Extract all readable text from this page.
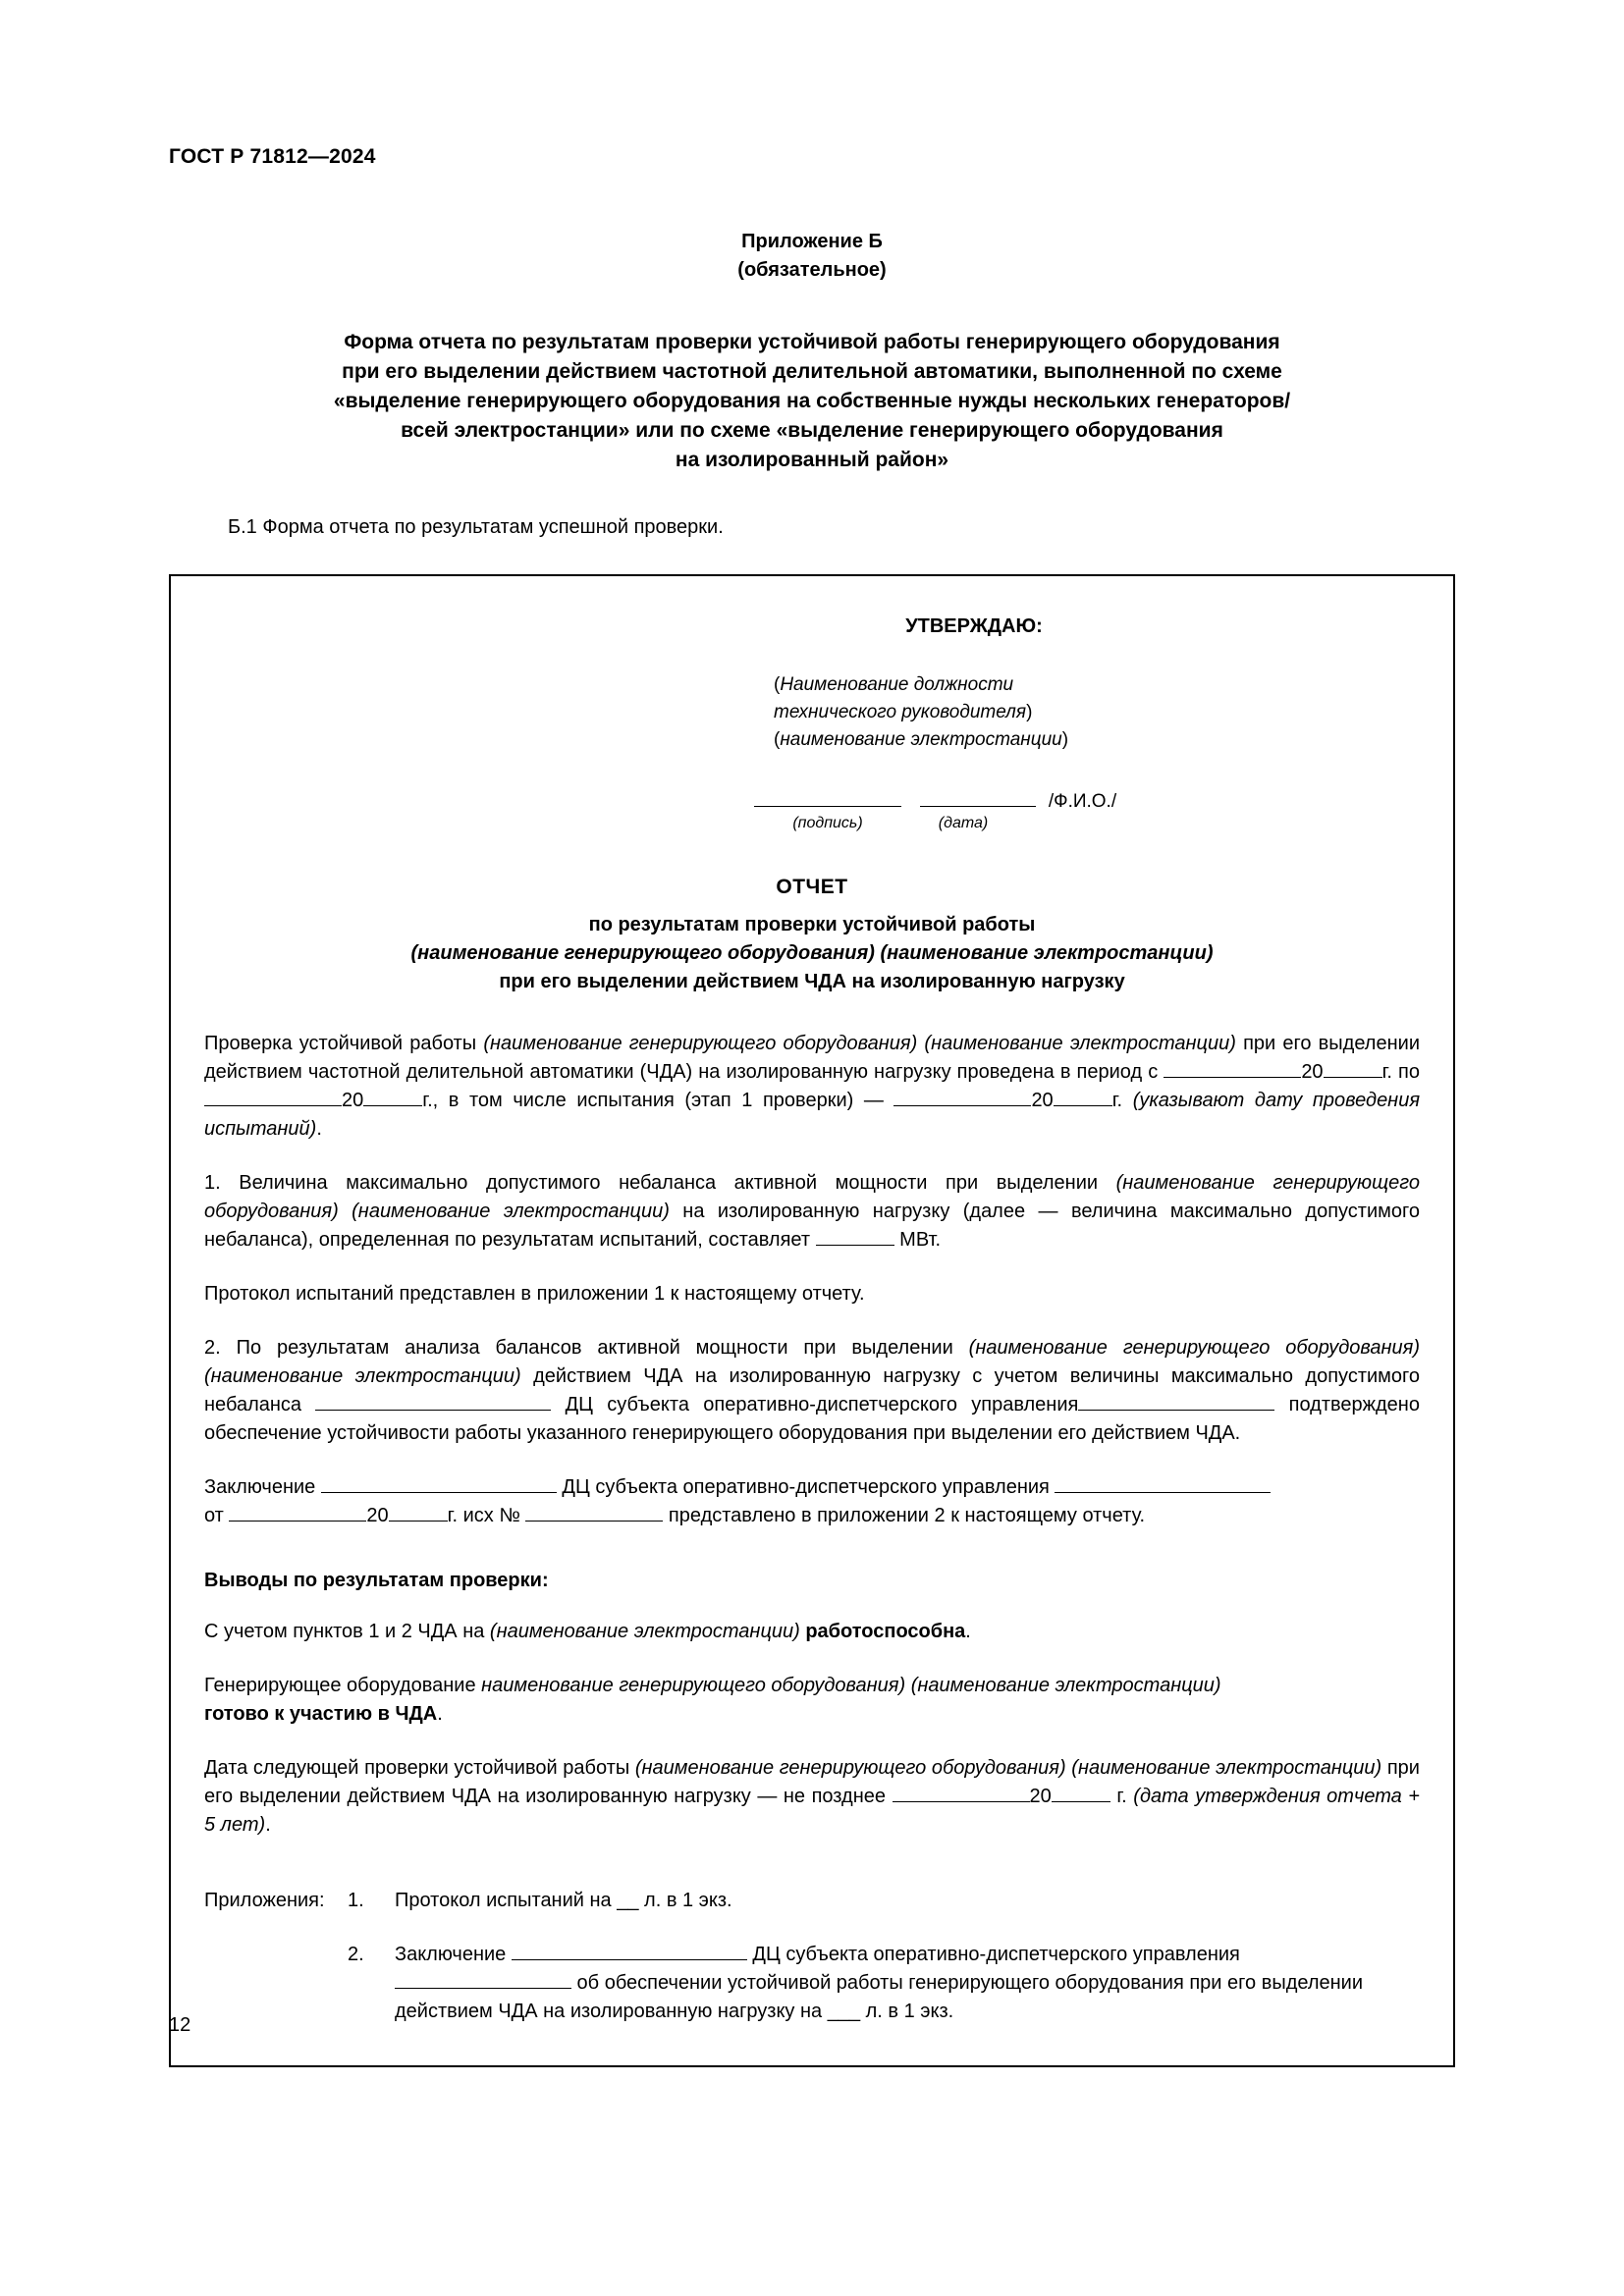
ГОСТ Р 71812—2024
Приложение Б
(обязательное)
Форма отчета по результатам проверки устойчивой работы генерирующего оборудования
при его выделении действием частотной делительной автоматики, выполненной по схеме
«выделение генерирующего оборудования на собственные нужды нескольких генераторов/
всей электростанции» или по схеме «выделение генерирующего оборудования
на изолированный район»
Б.1 Форма отчета по результатам успешной проверки.
УТВЕРЖДАЮ:
(Наименование должности
технического руководителя)
(наименование электростанции)
/Ф.И.О./
(подпись)	(дата)
ОТЧЕТ
по результатам проверки устойчивой работы
(наименование генерирующего оборудования) (наименование электростанции)
при его выделении действием ЧДА на изолированную нагрузку

Проверка устойчивой работы (наименование генерирующего оборудования) (наименование электростанции) при его выделении действием частотной делительной автоматики (ЧДА) на изолированную нагрузку проведена в период с	20	г. по 20	г., в том числе испытания (этап 1 проверки) —	20	г. (указывают дату проведения испытаний).

1. Величина максимально допустимого небаланса активной мощности при выделении (наименование генерирующего оборудования) (наименование электростанции) на изолированную нагрузку (далее — величина максимально допустимого небаланса), определенная по результатам испытаний, составляет	МВт.

Протокол испытаний представлен в приложении 1 к настоящему отчету.

2. По результатам анализа балансов активной мощности при выделении (наименование генерирующего оборудования) (наименование электростанции) действием ЧДА на изолированную нагрузку с учетом величины максимально допустимого небаланса	ДЦ субъекта оперативно-диспетчерского управления	подтверждено обеспечение устойчивости работы указанного генерирующего оборудования при выделении его действием ЧДА.

Заключение	ДЦ субъекта оперативно-диспетчерского управления
от	20	г. исх №	представлено в приложении 2 к настоящему отчету.

Выводы по результатам проверки:

С учетом пунктов 1 и 2 ЧДА на (наименование электростанции) работоспособна.

Генерирующее оборудование наименование генерирующего оборудования) (наименование электростанции)
готово к участию в ЧДА.

Дата следующей проверки устойчивой работы (наименование генерирующего оборудования) (наименование электростанции) при его выделении действием ЧДА на изолированную нагрузку — не позднее	20	г. (дата утверждения отчета + 5 лет).

Приложения:	1.	Протокол испытаний на __ л. в 1 экз.
2.	Заключение	ДЦ субъекта оперативно-диспетчерского управления
об обеспечении устойчивой работы генерирующего оборудования при его выделении действием ЧДА на изолированную нагрузку на ___ л. в 1 экз.
12
